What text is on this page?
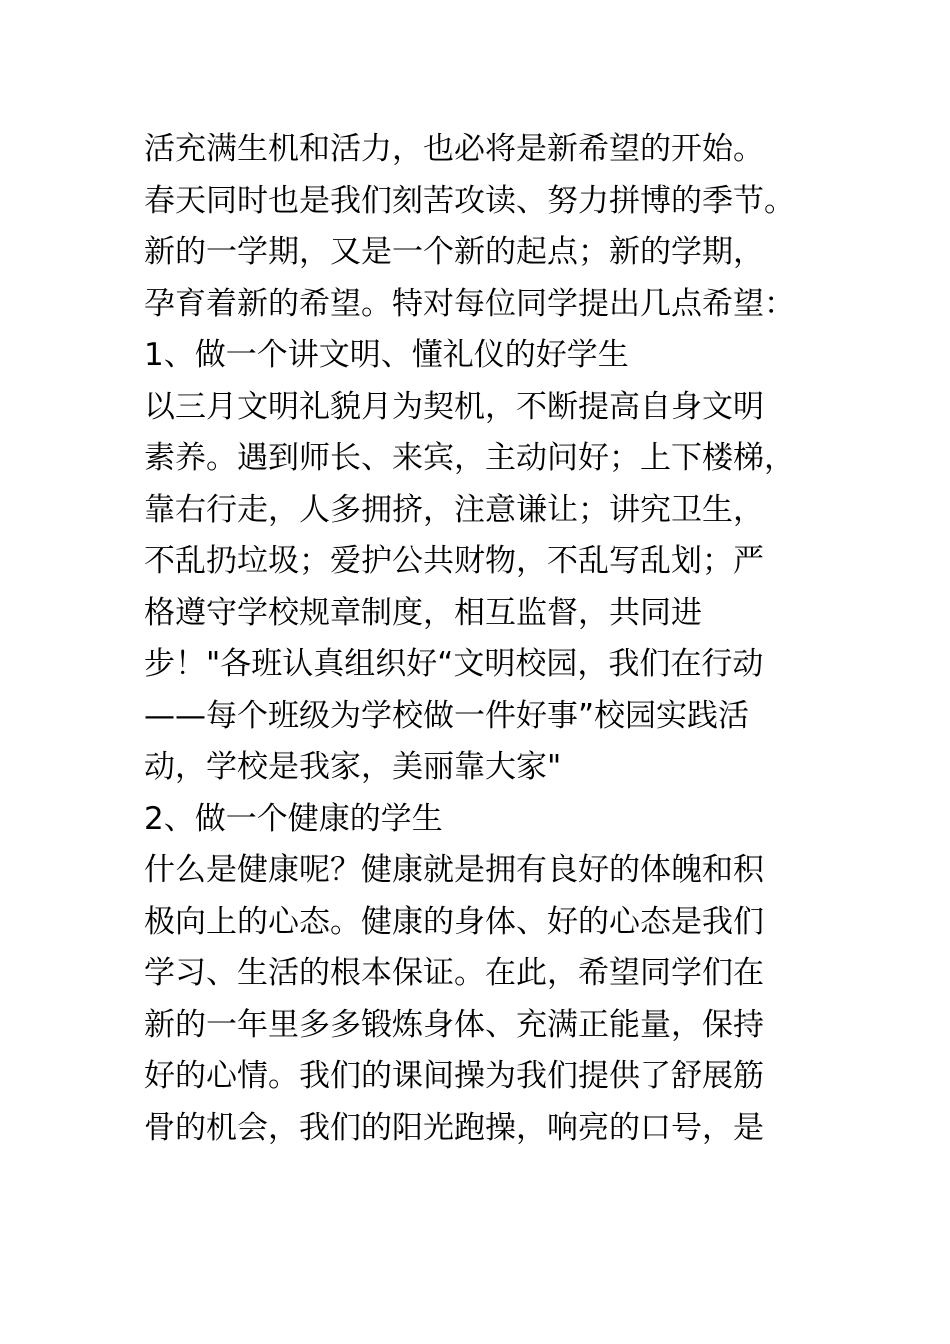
活充满生机和活力，也必将是新希望的开始。
春天同时也是我们刻苦攻读、努力拼博的季节。
新的一学期，又是一个新的起点；新的学期，
孕育着新的希望。特对每位同学提出几点希望：
1、做一个讲文明、懂礼仪的好学生
以三月文明礼貌月为契机，不断提高自身文明
素养。遇到师长、来宾，主动问好；上下楼梯，
靠右行走，人多拥挤，注意谦让；讲究卫生，
不乱扔垃圾；爱护公共财物，不乱写乱划；严
格遵守学校规章制度，相互监督，共同进
步！"各班认真组织好“文明校园，我们在行动
——每个班级为学校做一件好事”校园实践活
动，学校是我家，美丽靠大家"
2、做一个健康的学生
什么是健康呢？健康就是拥有良好的体魄和积
极向上的心态。健康的身体、好的心态是我们
学习、生活的根本保证。在此，希望同学们在
新的一年里多多锻炼身体、充满正能量，保持
好的心情。我们的课间操为我们提供了舒展筋
骨的机会，我们的阳光跑操，响亮的口号，是
